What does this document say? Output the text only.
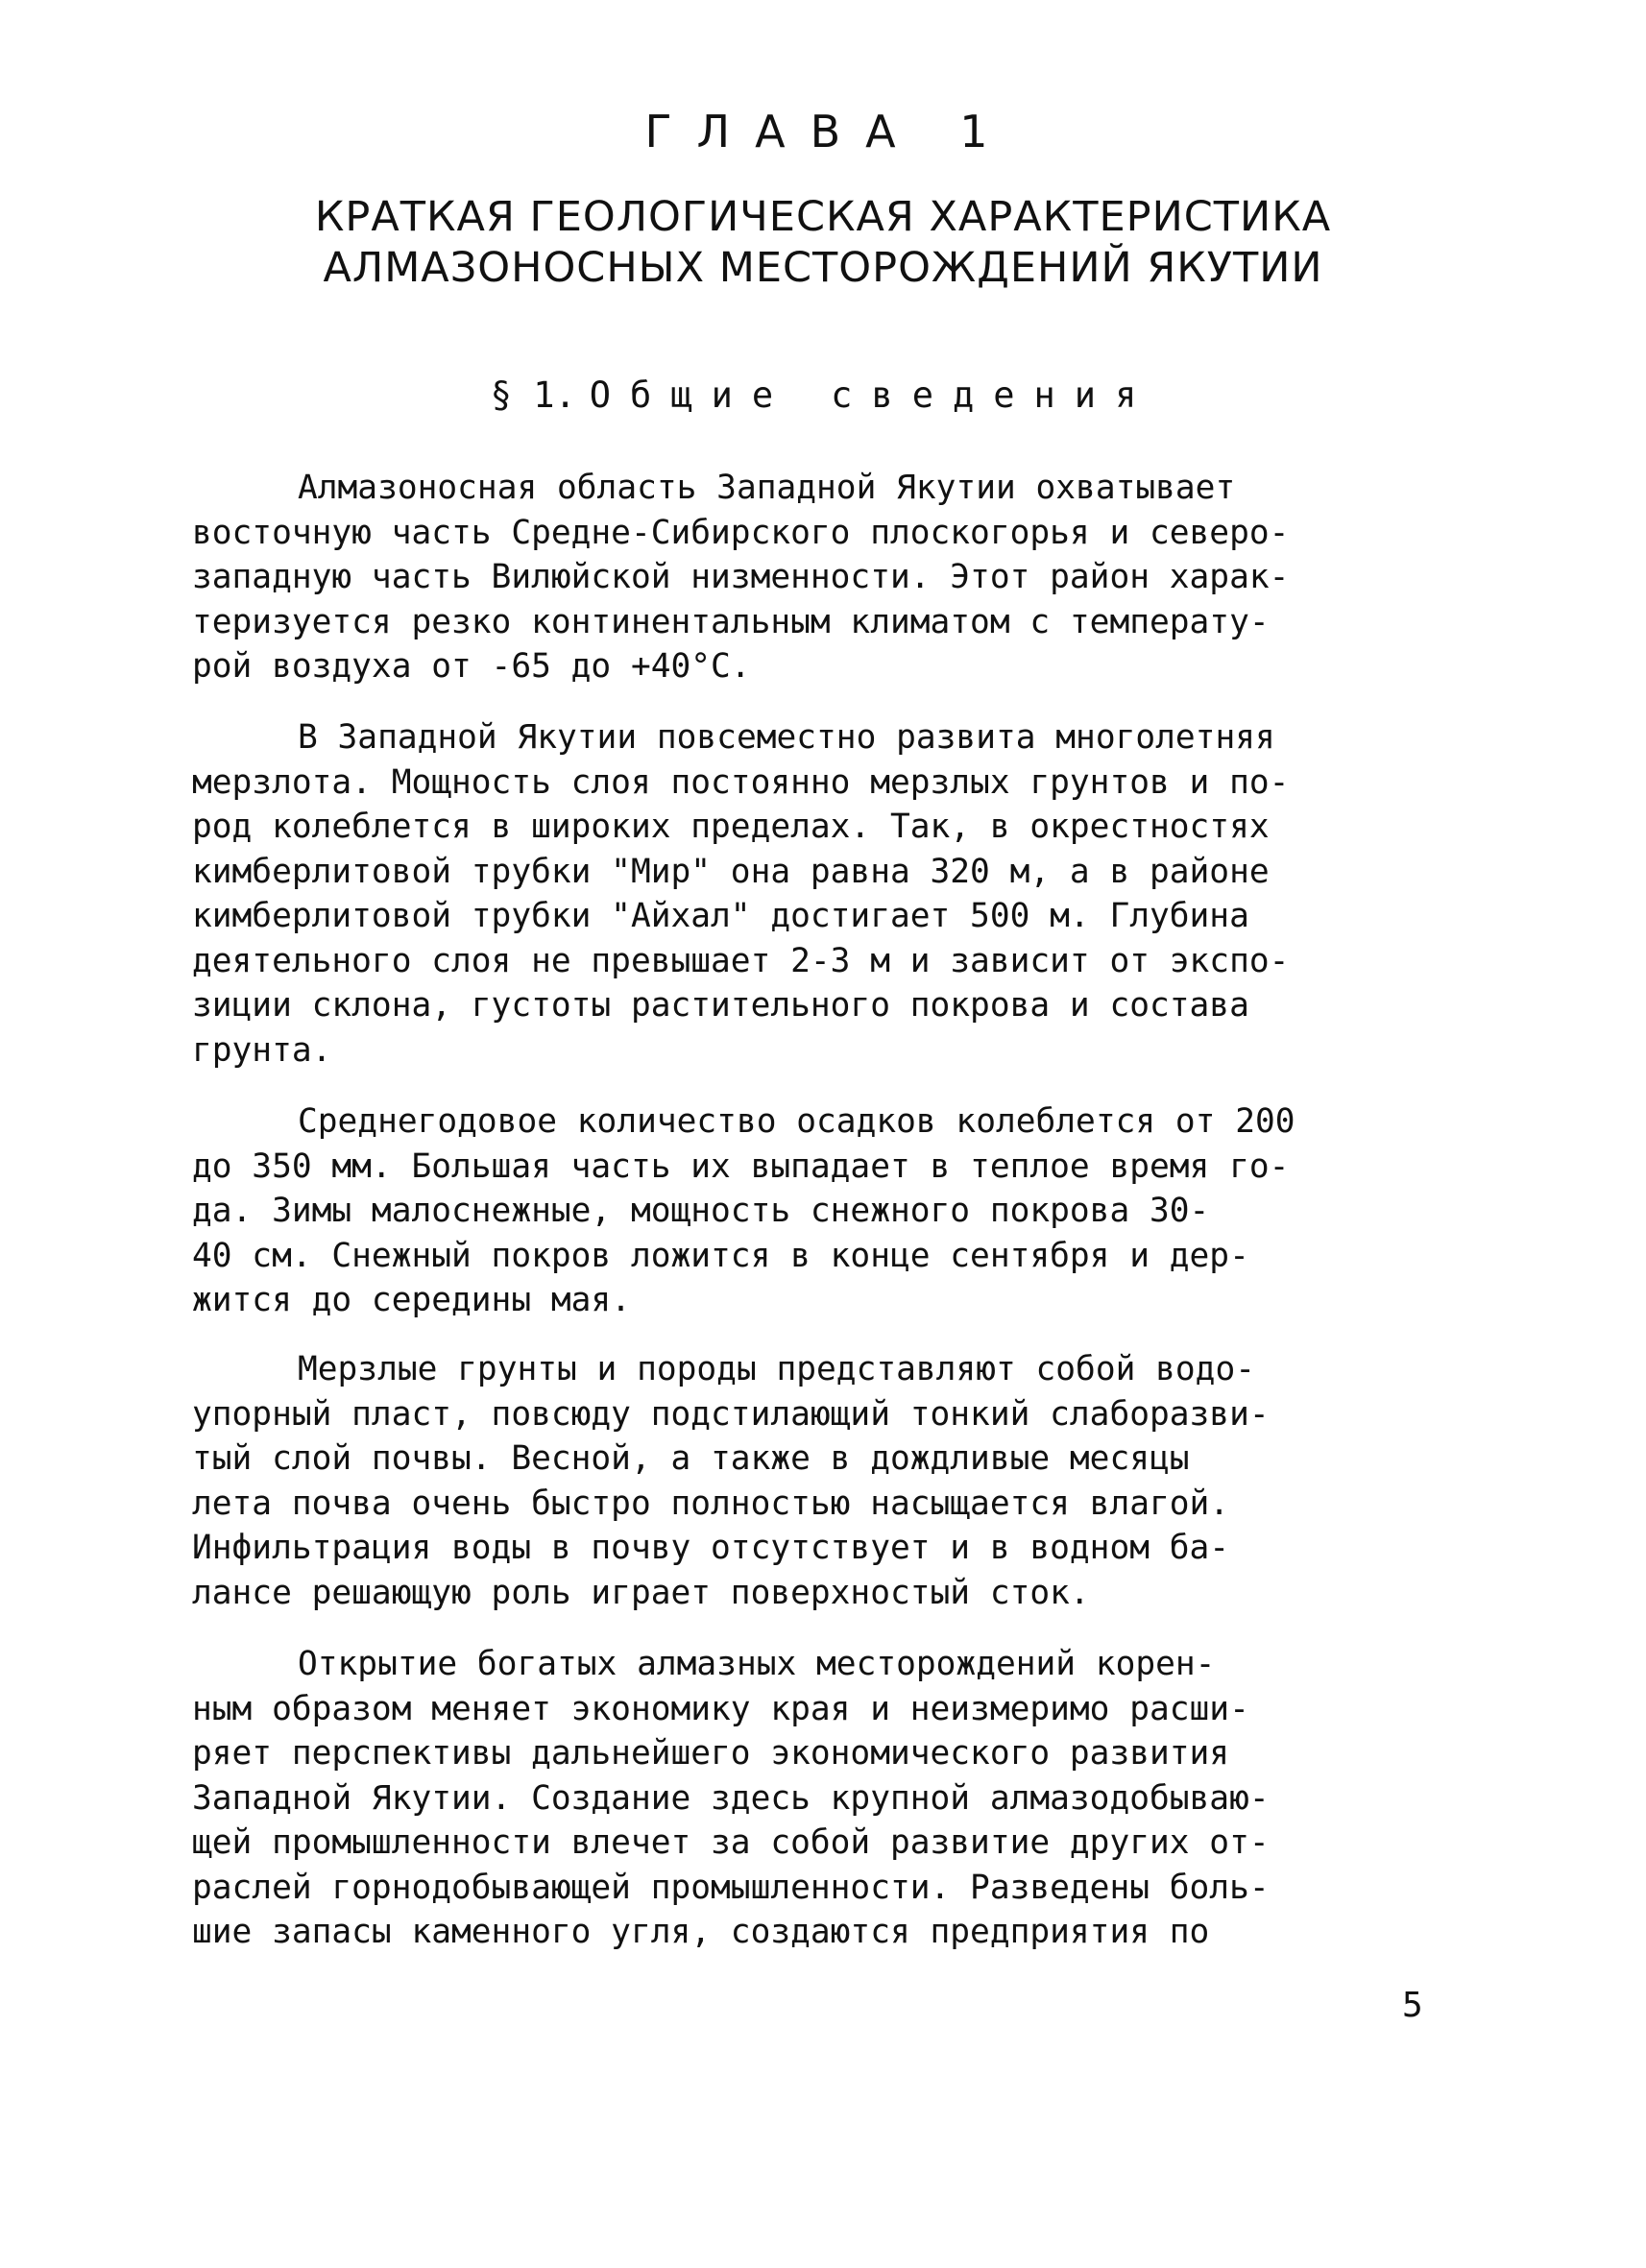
ГЛАВА 1
КРАТКАЯ ГЕОЛОГИЧЕСКАЯ ХАРАКТЕРИСТИКА
АЛМАЗОНОСНЫХ МЕСТОРОЖДЕНИЙ ЯКУТИИ
§ 1. Общие сведения
Алмазоносная область Западной Якутии охватывает
восточную часть Средне-Сибирского плоскогорья и северо-
западную часть Вилюйской низменности. Этот район харак-
теризуется резко континентальным климатом с температу-
рой воздуха от -65 до +40°С.
В Западной Якутии повсеместно развита многолетняя
мерзлота. Мощность слоя постоянно мерзлых грунтов и по-
род колеблется в широких пределах. Так, в окрестностях
кимберлитовой трубки "Мир" она равна 320 м, а в районе
кимберлитовой трубки "Айхал" достигает 500 м. Глубина
деятельного слоя не превышает 2-3 м и зависит от экспо-
зиции склона, густоты растительного покрова и состава
грунта.
Среднегодовое количество осадков колеблется от 200
до 350 мм. Большая часть их выпадает в теплое время го-
да. Зимы малоснежные, мощность снежного покрова 30-
40 см. Снежный покров ложится в конце сентября и дер-
жится до середины мая.
Мерзлые грунты и породы представляют собой водо-
упорный пласт, повсюду подстилающий тонкий слаборазви-
тый слой почвы. Весной, а также в дождливые месяцы
лета почва очень быстро полностью насыщается влагой.
Инфильтрация воды в почву отсутствует и в водном ба-
лансе решающую роль играет поверхностый сток.
Открытие богатых алмазных месторождений корен-
ным образом меняет экономику края и неизмеримо расши-
ряет перспективы дальнейшего экономического развития
Западной Якутии. Создание здесь крупной алмазодобываю-
щей промышленности влечет за собой развитие других от-
раслей горнодобывающей промышленности. Разведены боль-
шие запасы каменного угля, создаются предприятия по
5
